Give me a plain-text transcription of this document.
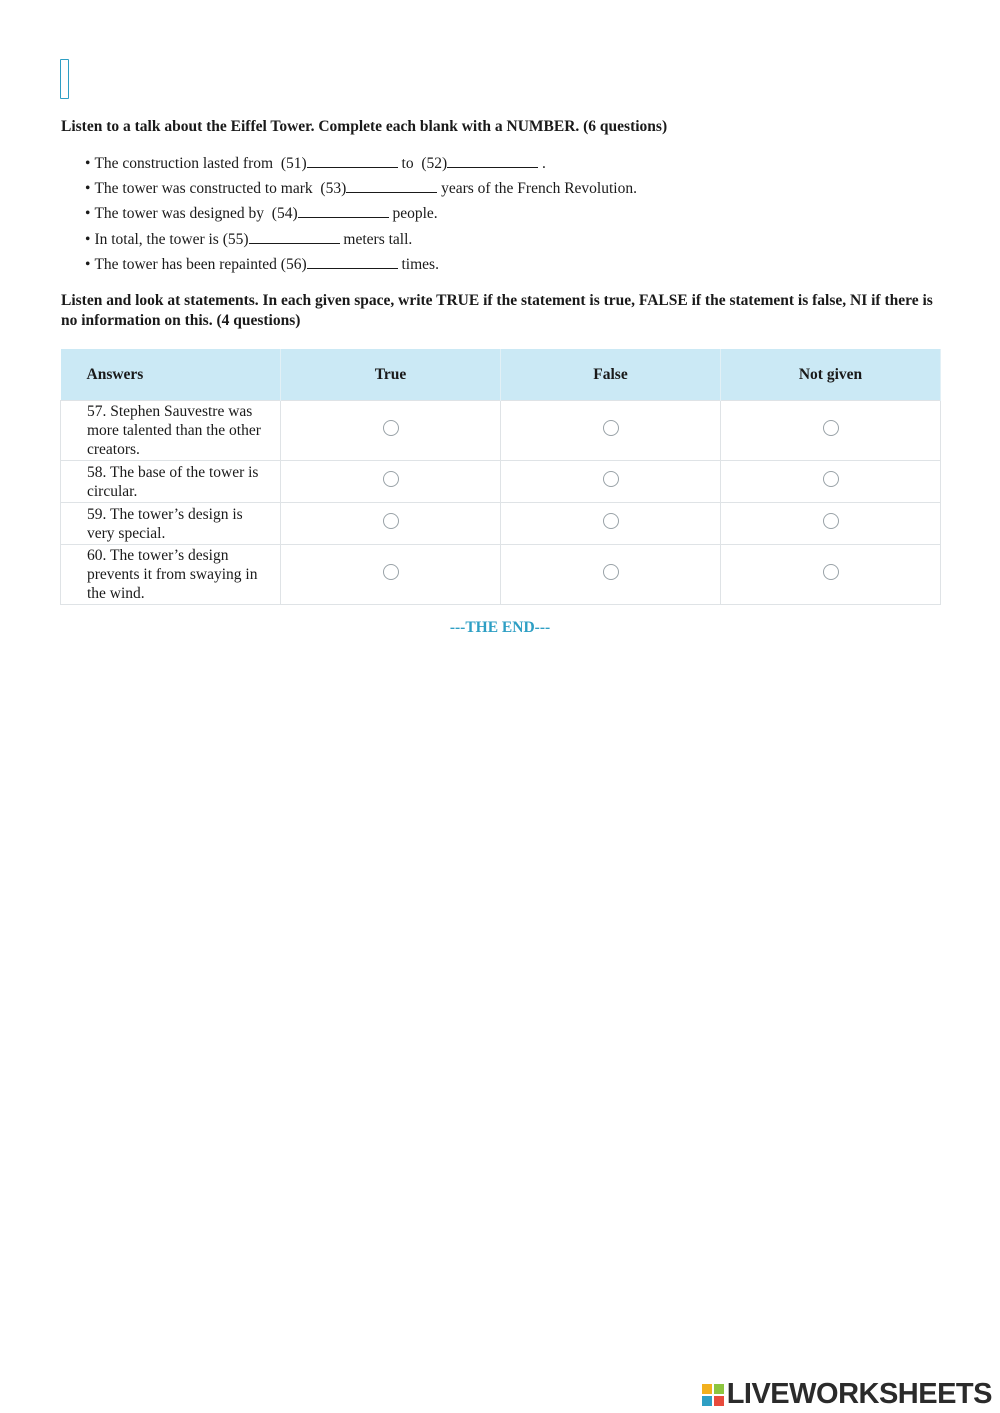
Listen to a talk about the Eiffel Tower. Complete each blank with a NUMBER. (6 questions)

• The construction lasted from  (51)	to  (52)	.
• The tower was constructed to mark  (53)	years of the French Revolution.
• The tower was designed by  (54)	people.
• In total, the tower is (55)	meters tall.
• The tower has been repainted (56)	times.

Listen and look at statements. In each given space, write TRUE if the statement is true, FALSE if the statement is false, NI if there is no information on this. (4 questions)

Answers	True	False	Not given
57. Stephen Sauvestre was more talented than the other creators.			
58. The base of the tower is circular.			
59. The tower’s design is very special.			
60. The tower’s design prevents it from swaying in the wind.			
---THE END---
LIVEWORKSHEETS
